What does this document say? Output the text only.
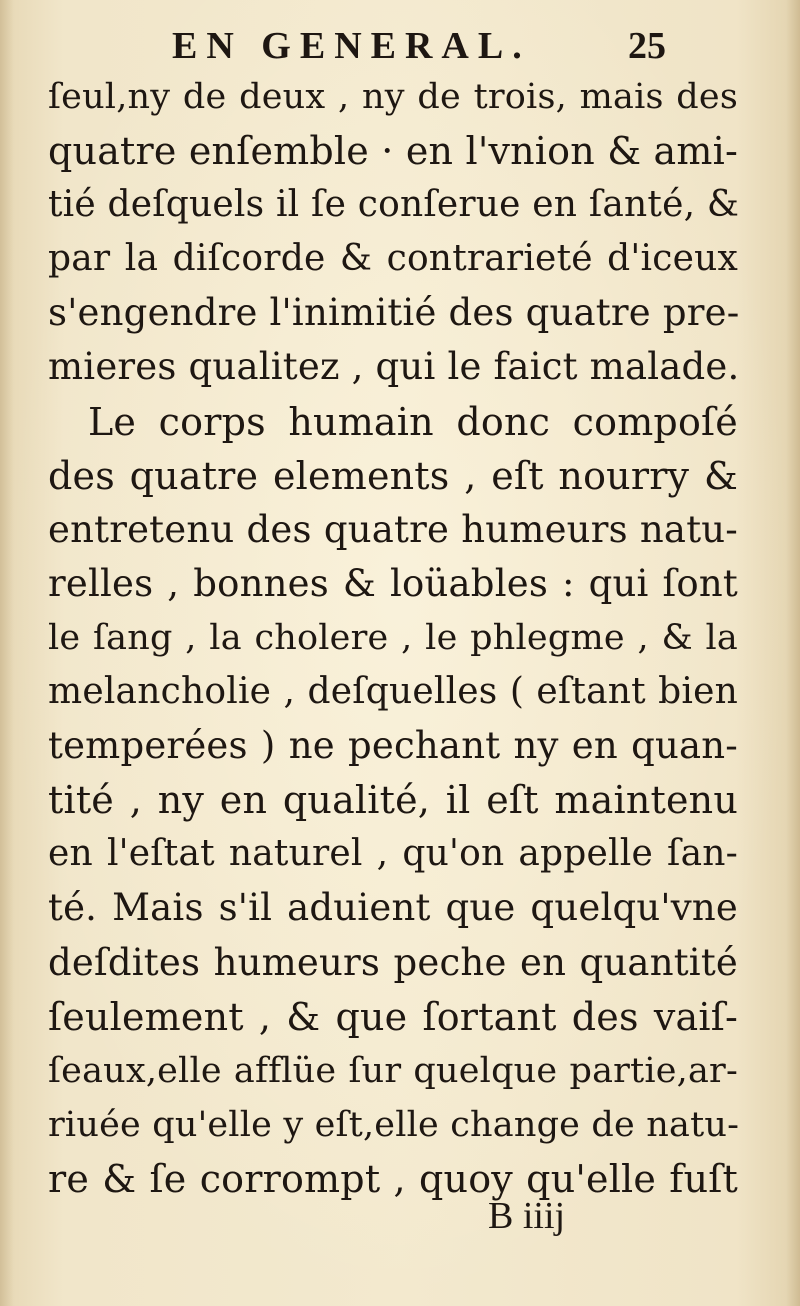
EN GENERAL.	25
ſeul,ny de deux , ny de trois, mais des
quatre enſemble · en l'vnion & ami-
tié deſquels il ſe conſerue en ſanté, &
par la diſcorde & contrarieté d'iceux
s'engendre l'inimitié des quatre pre-
mieres qualitez , qui le faict malade.
Le corps humain donc compoſé
des quatre elements , eſt nourry &
entretenu des quatre humeurs natu-
relles , bonnes & loüables : qui ſont
le ſang , la cholere , le phlegme , & la
melancholie , deſquelles ( eſtant bien
temperées ) ne pechant ny en quan-
tité , ny en qualité, il eſt maintenu
en l'eſtat naturel , qu'on appelle ſan-
té. Mais s'il aduient que quelqu'vne
deſdites humeurs peche en quantité
ſeulement , & que ſortant des vaiſ-
ſeaux,elle afflüe ſur quelque partie,ar-
riuée qu'elle y eſt,elle change de natu-
re & ſe corrompt , quoy qu'elle fuſt
B iiij
